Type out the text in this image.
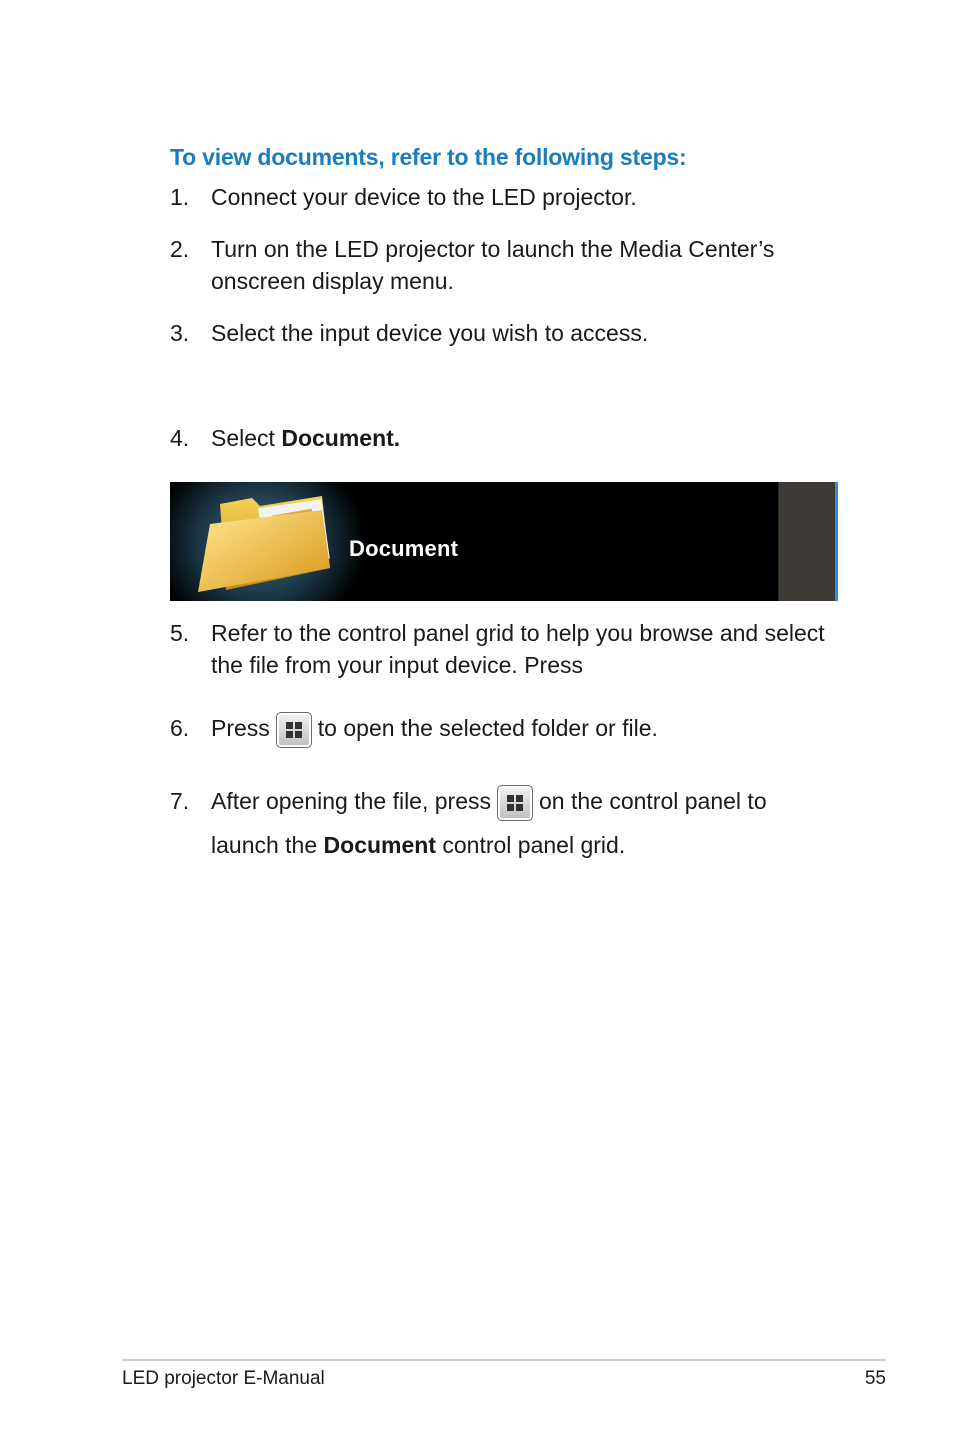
To view documents, refer to the following steps:
1. Connect your device to the LED projector.
2. Turn on the LED projector to launch the Media Center’s
onscreen display menu.
3. Select the input device you wish to access.
4. Select Document.
Document
5. Refer to the control panel grid to help you browse and select
the file from your input device. Press
6. Press to open the selected folder or file.
7. After opening the file, press on the control panel to
launch the Document control panel grid.
LED projector E-Manual	55
